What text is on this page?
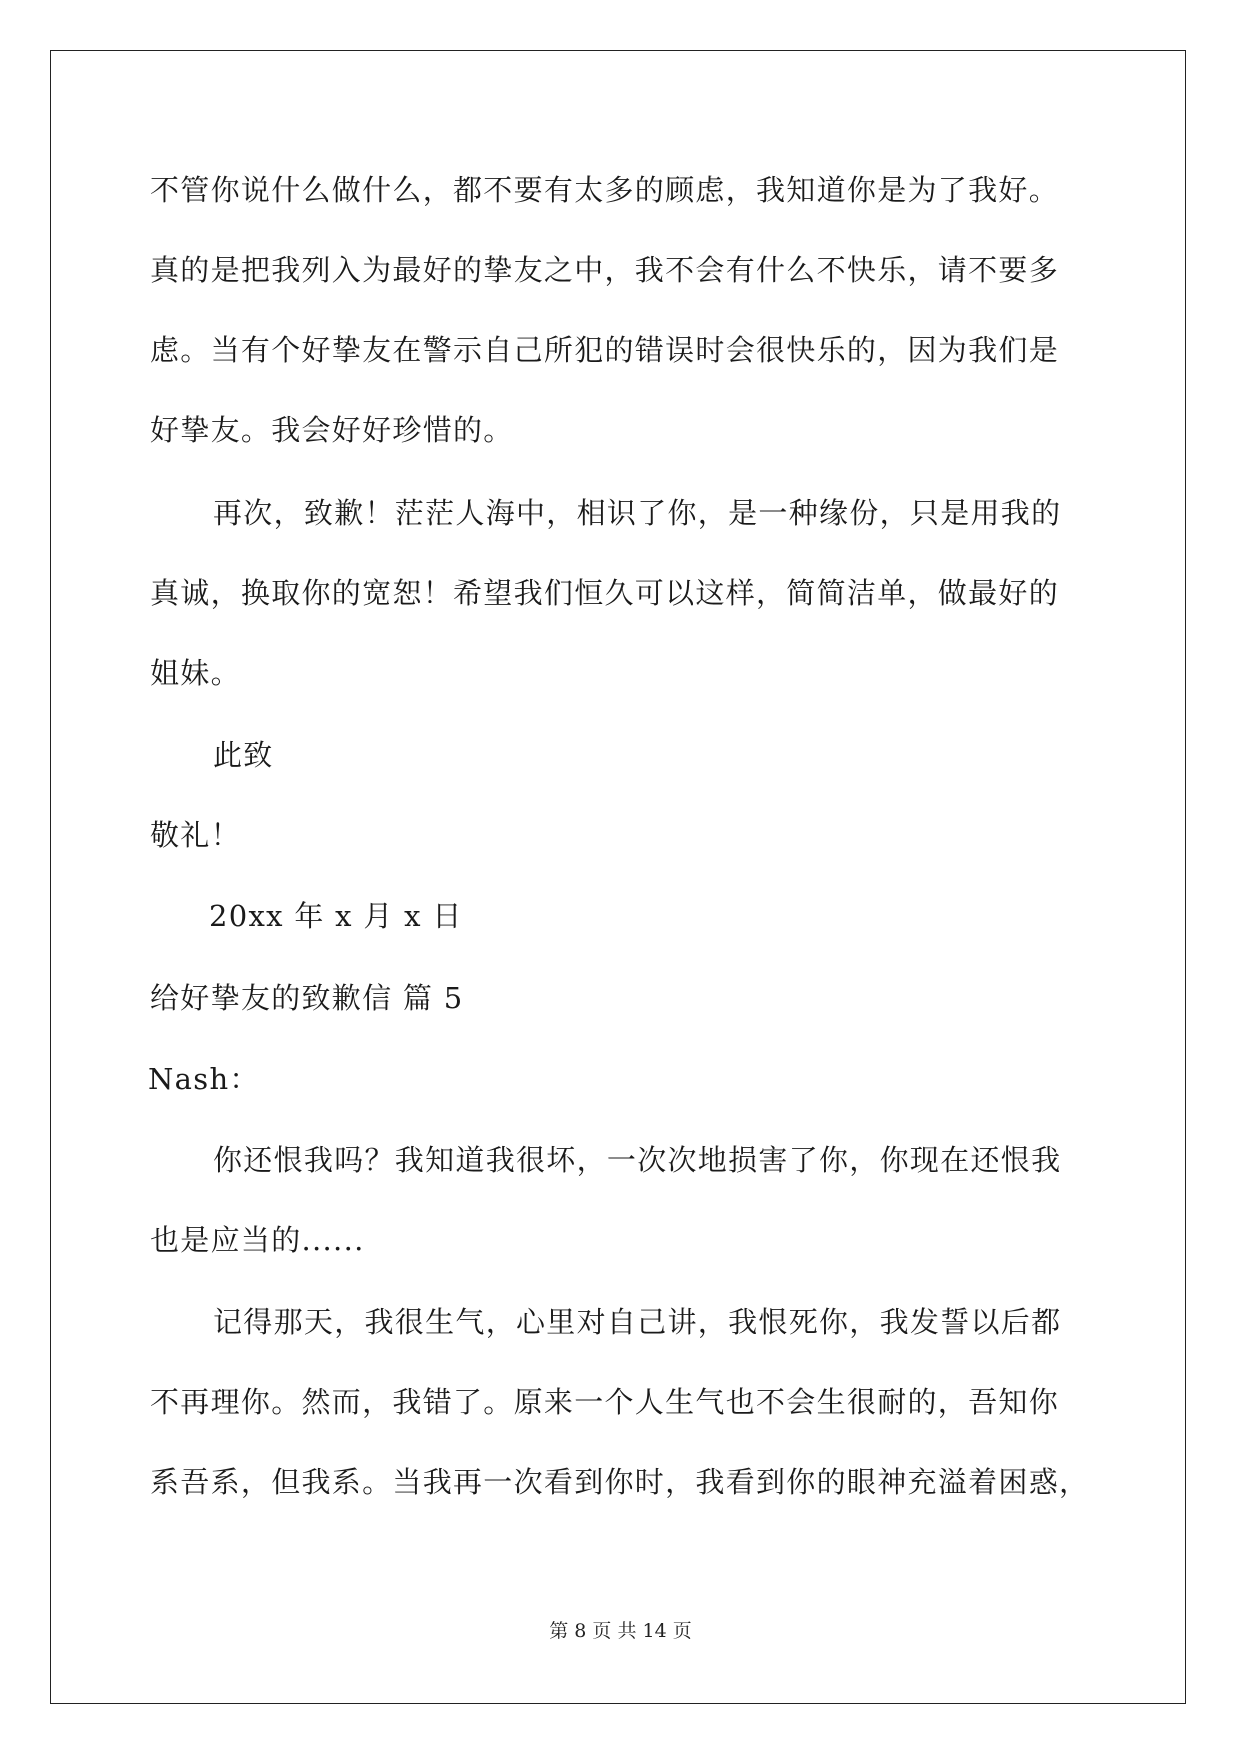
不管你说什么做什么，都不要有太多的顾虑，我知道你是为了我好。
真的是把我列入为最好的挚友之中，我不会有什么不快乐，请不要多
虑。当有个好挚友在警示自己所犯的错误时会很快乐的，因为我们是
好挚友。我会好好珍惜的。
再次，致歉！茫茫人海中，相识了你，是一种缘份，只是用我的
真诚，换取你的宽恕！希望我们恒久可以这样，简简洁单，做最好的
姐妹。
此致
敬礼！
20xx 年 x 月 x 日
给好挚友的致歉信 篇 5
Nash：
你还恨我吗？我知道我很坏，一次次地损害了你，你现在还恨我
也是应当的......
记得那天，我很生气，心里对自己讲，我恨死你，我发誓以后都
不再理你。然而，我错了。原来一个人生气也不会生很耐的，吾知你
系吾系，但我系。当我再一次看到你时，我看到你的眼神充溢着困惑，
第 8 页 共 14 页
